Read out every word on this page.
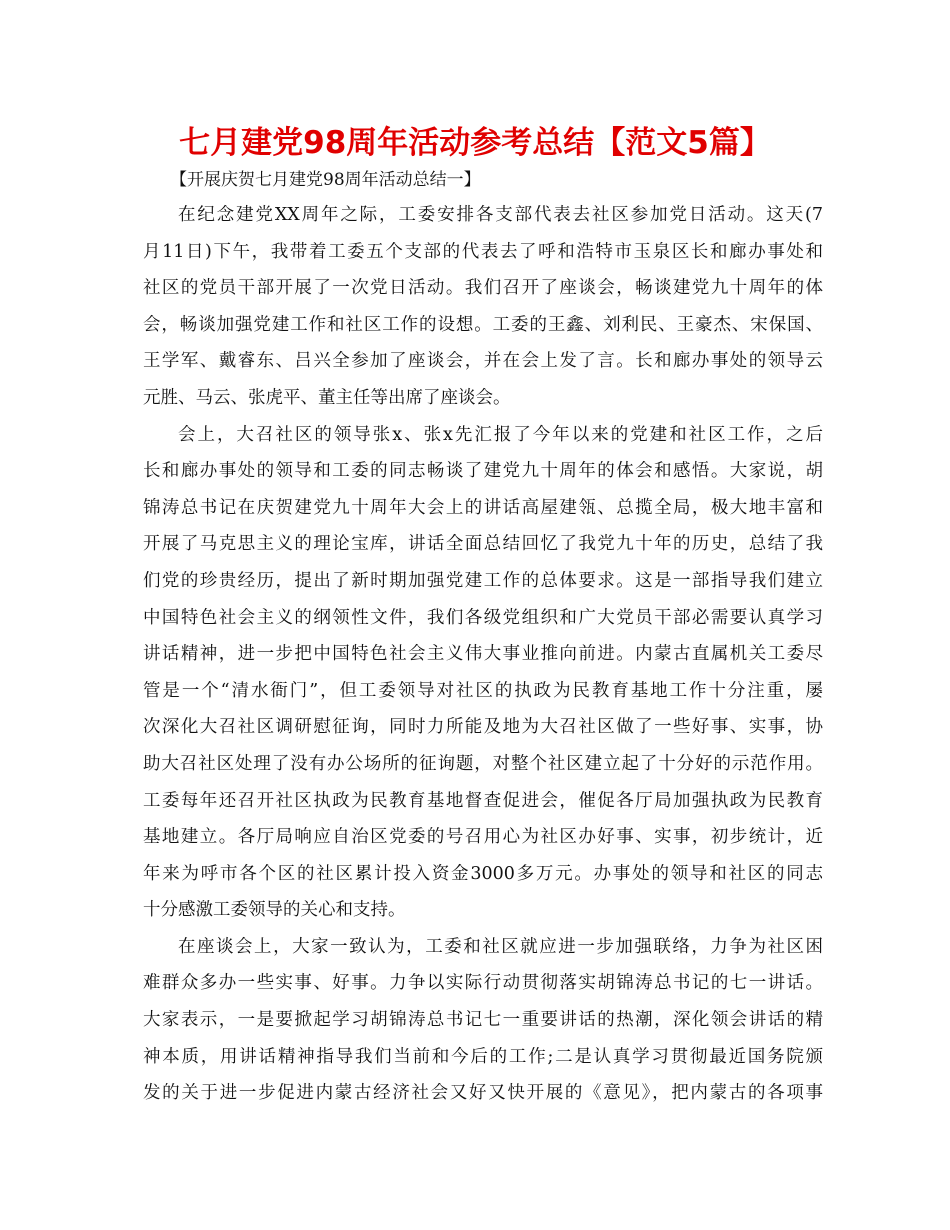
七月建党98周年活动参考总结【范文5篇】
【开展庆贺七月建党98周年活动总结一】
在纪念建党XX周年之际，工委安排各支部代表去社区参加党日活动。这天(7
月11日)下午，我带着工委五个支部的代表去了呼和浩特市玉泉区长和廊办事处和
社区的党员干部开展了一次党日活动。我们召开了座谈会，畅谈建党九十周年的体
会，畅谈加强党建工作和社区工作的设想。工委的王鑫、刘利民、王豪杰、宋保国、
王学军、戴睿东、吕兴全参加了座谈会，并在会上发了言。长和廊办事处的领导云
元胜、马云、张虎平、董主任等出席了座谈会。
会上，大召社区的领导张x、张x先汇报了今年以来的党建和社区工作，之后
长和廊办事处的领导和工委的同志畅谈了建党九十周年的体会和感悟。大家说，胡
锦涛总书记在庆贺建党九十周年大会上的讲话高屋建瓴、总揽全局，极大地丰富和
开展了马克思主义的理论宝库，讲话全面总结回忆了我党九十年的历史，总结了我
们党的珍贵经历，提出了新时期加强党建工作的总体要求。这是一部指导我们建立
中国特色社会主义的纲领性文件，我们各级党组织和广大党员干部必需要认真学习
讲话精神，进一步把中国特色社会主义伟大事业推向前进。内蒙古直属机关工委尽
管是一个“清水衙门”，但工委领导对社区的执政为民教育基地工作十分注重，屡
次深化大召社区调研慰征询，同时力所能及地为大召社区做了一些好事、实事，协
助大召社区处理了没有办公场所的征询题，对整个社区建立起了十分好的示范作用。
工委每年还召开社区执政为民教育基地督查促进会，催促各厅局加强执政为民教育
基地建立。各厅局响应自治区党委的号召用心为社区办好事、实事，初步统计，近
年来为呼市各个区的社区累计投入资金3000多万元。办事处的领导和社区的同志
十分感激工委领导的关心和支持。
在座谈会上，大家一致认为，工委和社区就应进一步加强联络，力争为社区困
难群众多办一些实事、好事。力争以实际行动贯彻落实胡锦涛总书记的七一讲话。
大家表示，一是要掀起学习胡锦涛总书记七一重要讲话的热潮，深化领会讲话的精
神本质，用讲话精神指导我们当前和今后的工作;二是认真学习贯彻最近国务院颁
发的关于进一步促进内蒙古经济社会又好又快开展的《意见》，把内蒙古的各项事
